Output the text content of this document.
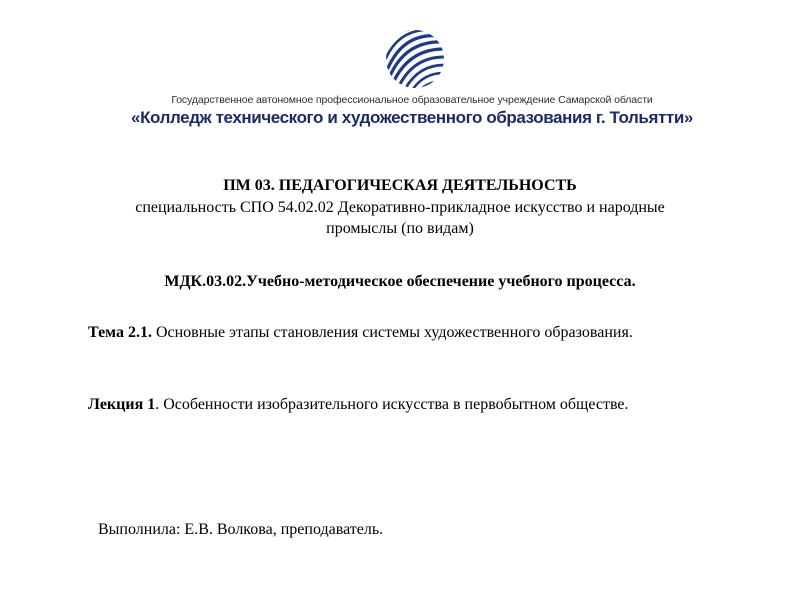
Государственное автономное профессиональное образовательное учреждение Самарской области
«Колледж технического и художественного образования г. Тольятти»
ПМ 03. ПЕДАГОГИЧЕСКАЯ ДЕЯТЕЛЬНОСТЬ
специальность СПО 54.02.02 Декоративно-прикладное искусство и народные промыслы (по видам)
МДК.03.02.Учебно-методическое обеспечение учебного процесса.
Тема 2.1. Основные этапы становления системы художественного образования.
Лекция 1. Особенности изобразительного искусства в первобытном обществе.
Выполнила: Е.В. Волкова, преподаватель.
